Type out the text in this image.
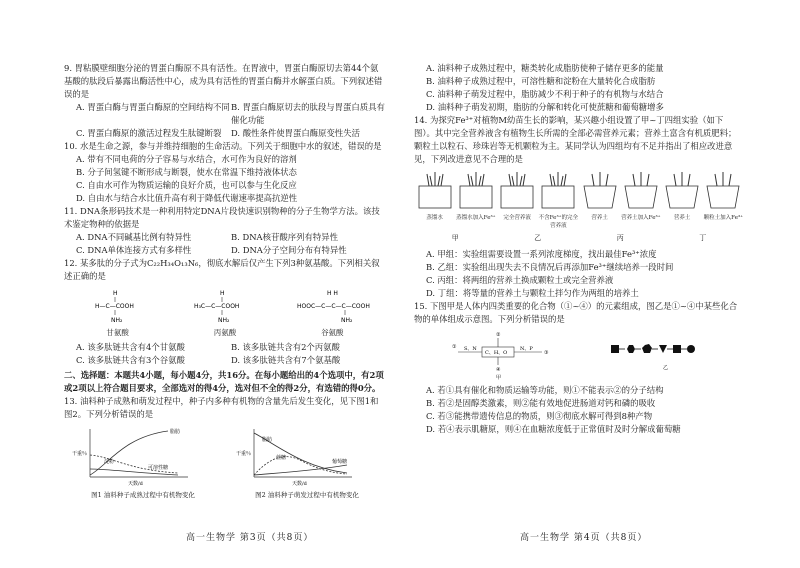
9. 胃粘膜壁细胞分泌的胃蛋白酶原不具有活性。在胃液中，胃蛋白酶原切去第44个氨基酸的肽段后暴露出酶活性中心，成为具有活性的胃蛋白酶并水解蛋白质。下列叙述错误的是

A. 胃蛋白酶与胃蛋白酶原的空间结构不同 B. 胃蛋白酶原切去的肽段与胃蛋白质具有催化功能
C. 胃蛋白酶原的激活过程发生肽键断裂	D. 酸性条件使胃蛋白酶原变性失活

10. 水是生命之源，参与并维持细胞的生命活动。下列关于细胞中水的叙述，错误的是

A. 带有不同电荷的分子容易与水结合，水可作为良好的溶剂

B. 分子间氢键不断形成与断裂，使水在常温下维持液体状态

C. 自由水可作为物质运输的良好介质，也可以参与生化反应

D. 自由水与结合水比值升高有利于降低代谢速率提高抗逆性

11. DNA条形码技术是一种利用特定DNA片段快速识别物种的分子生物学方法。该技术鉴定物种的依据是

A. DNA不同碱基比例有特异性	B. DNA核苷酸序列有特异性
C. DNA单体连接方式有多样性	D. DNA分子空间分布有特异性

12. 某多肽的分子式为C₂₂H₃₄O₁₃N₆，彻底水解后仅产生下列3种氨基酸。下列相关叙述正确的是

H
H—C—COOH
NH₂
甘氨酸
H
H₃C—C—COOH
NH₂
丙氨酸
H H
HOOC—C—C—C—COOH
NH₂
谷氨酸
A. 该多肽链共含有4个甘氨酸	B. 该多肽链共含有2个丙氨酸
C. 该多肽链共含有3个谷氨酸	D. 该多肽链共含有7个氨基酸

二、选择题：本题共4小题，每小题4分，共16分。在每小题给出的4个选项中，有2项或2项以上符合题目要求，全部选对的得4分，选对但不全的得2分，有选错的得0分。

13. 油料种子成熟和萌发过程中，种子内多种有机物的含量先后发生变化，见下图1和图2。下列分析错误的是

干重％
天数/d
脂肪
淀粉
可溶性糖
图1 油料种子成熟过程中有机物变化
干重％
天数/d
蔗糖
脂肪
葡萄糖
图2 油料种子萌发过程中有机物变化
高一生物学 第3页（共8页）

A. 油料种子成熟过程中，糖类转化成脂肪使种子储存更多的能量

B. 油料种子成熟过程中，可溶性糖和淀粉在大量转化合成脂肪

C. 油料种子萌发过程中，脂肪减少不利于种子的有机物与水结合

D. 油料种子萌发初期，脂肪的分解和转化可使蔗糖和葡萄糖增多

14. 为探究Fe³⁺对植物M幼苗生长的影响，某兴趣小组设置了甲~丁四组实验（如下图）。其中完全营养液含有植物生长所需的全部必需营养元素；营养土富含有机质肥料；颗粒土以粒石、珍珠岩等无机颗粒为主。某同学认为四组均有不足并指出了相应改进意见，下列改进意见不合理的是

蒸馏水	蒸馏水加入Fe³⁺	完全营养液	不含Fe³⁺的完全营养液
营养土	营养土加入Fe³⁺	营养土	颗粒土加入Fe³⁺
甲	乙	丙	丁

A. 甲组：实验组需要设置一系列浓度梯度，找出最佳Fe³⁺浓度

B. 乙组：实验组出现失去不良情况后再添加Fe³⁺继续培养一段时间

C. 丙组：将两组的营养土换成颗粒土或完全营养液

D. 丁组：将等量的营养土与颗粒土拌匀作为两组的培养土

15. 下图甲是人体内四类重要的化合物（①~④）的元素组成，图乙是①~④中某些化合物的单体组成示意图。下列分析错误的是

②
① S、N
C、H、O
N、P
③
④
甲
乙

A. 若①具有催化和物质运输等功能，则①不能表示②的分子结构

B. 若②是固醇类激素，则②能有效地促进肠道对钙和磷的吸收

C. 若③能携带遗传信息的物质，则③彻底水解可得到8种产物

D. 若④表示肌糖原，则④在血糖浓度低于正常值时及时分解成葡萄糖

高一生物学 第4页（共8页）
